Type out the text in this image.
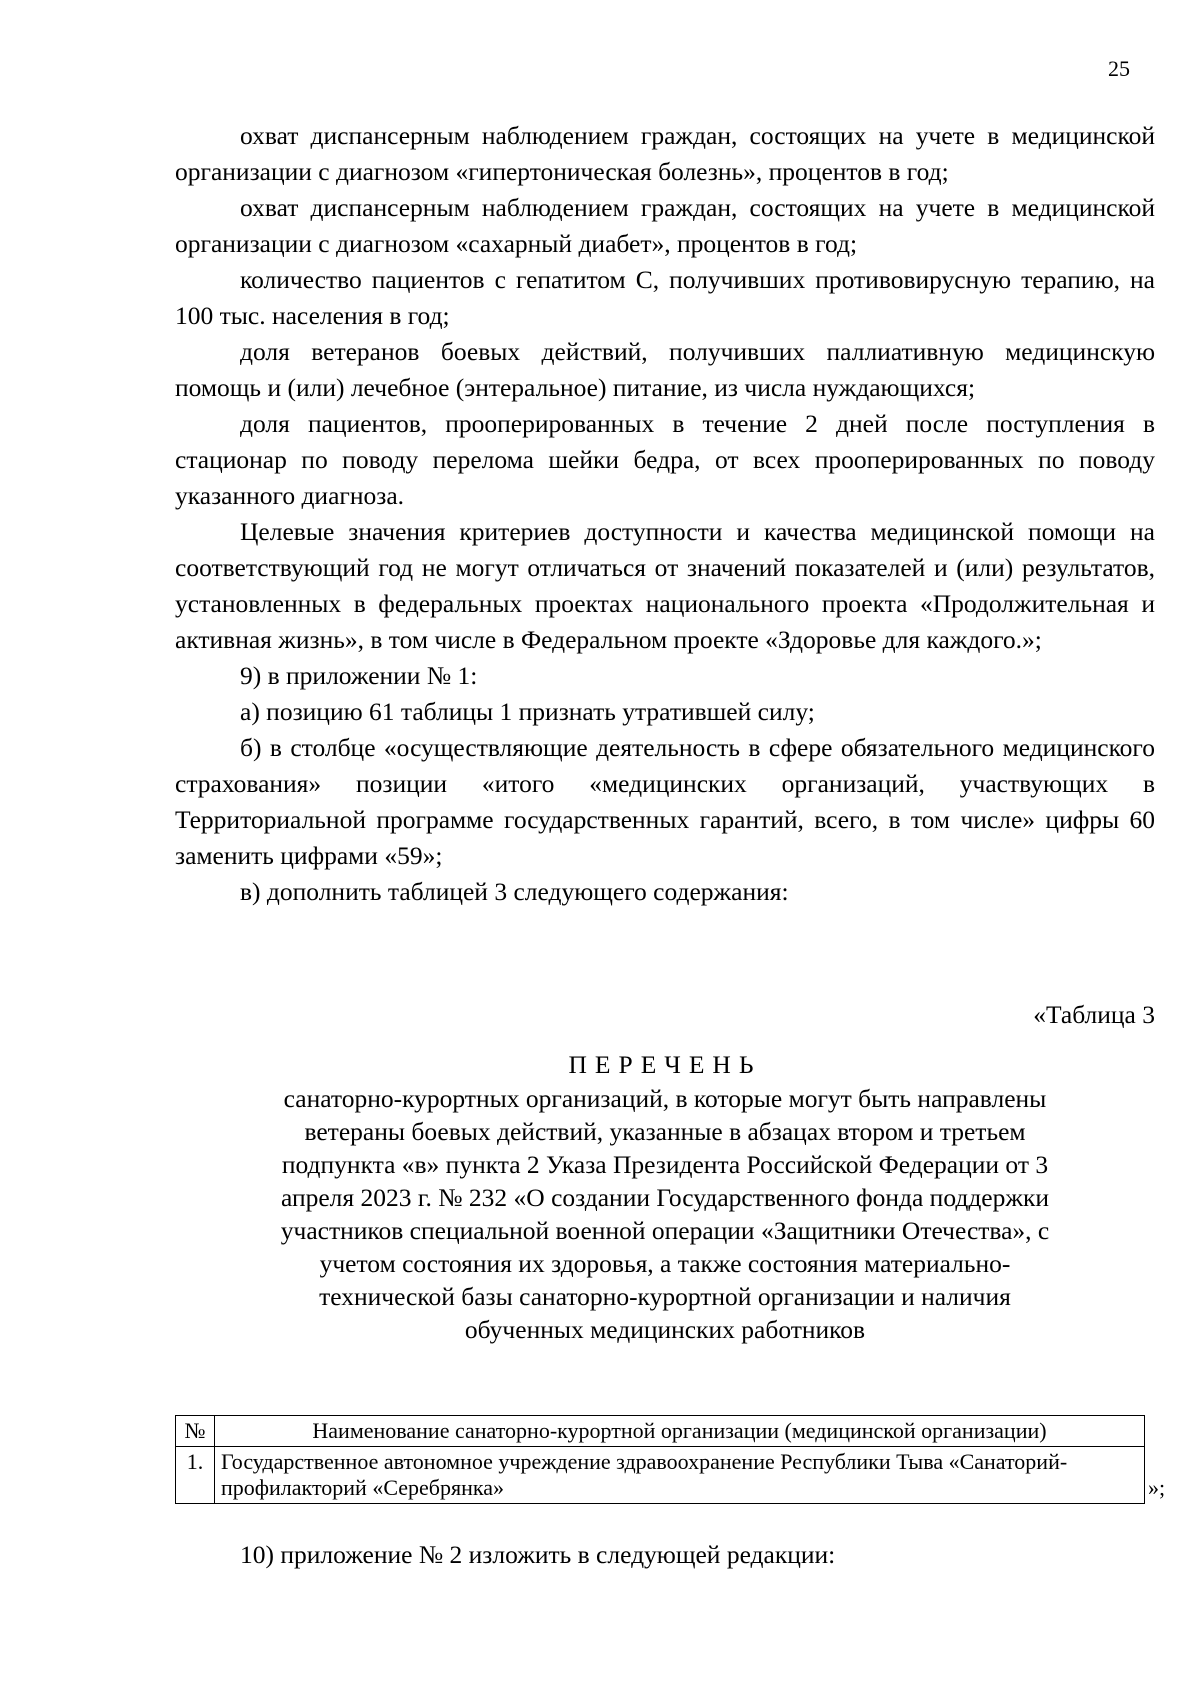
25

охват диспансерным наблюдением граждан, состоящих на учете в медицинской организации с диагнозом «гипертоническая болезнь», процентов в год;

охват диспансерным наблюдением граждан, состоящих на учете в медицинской организации с диагнозом «сахарный диабет», процентов в год;

количество пациентов с гепатитом С, получивших противовирусную терапию, на 100 тыс. населения в год;

доля ветеранов боевых действий, получивших паллиативную медицинскую помощь и (или) лечебное (энтеральное) питание, из числа нуждающихся;

доля пациентов, прооперированных в течение 2 дней после поступления в стационар по поводу перелома шейки бедра, от всех прооперированных по поводу указанного диагноза.

Целевые значения критериев доступности и качества медицинской помощи на соответствующий год не могут отличаться от значений показателей и (или) результатов, установленных в федеральных проектах национального проекта «Продолжительная и активная жизнь», в том числе в Федеральном проекте «Здоровье для каждого.»;

9) в приложении № 1:

а) позицию 61 таблицы 1 признать утратившей силу;

б) в столбце «осуществляющие деятельность в сфере обязательного медицинского страхования» позиции «итого «медицинских организаций, участвующих в Территориальной программе государственных гарантий, всего, в том числе» цифры 60 заменить цифрами «59»;

в) дополнить таблицей 3 следующего содержания:

«Таблица 3

ПЕРЕЧЕНЬ

санаторно-курортных организаций, в которые могут быть направлены ветераны боевых действий, указанные в абзацах втором и третьем подпункта «в» пункта 2 Указа Президента Российской Федерации от 3 апреля 2023 г. № 232 «О создании Государственного фонда поддержки участников специальной военной операции «Защитники Отечества», с учетом состояния их здоровья, а также состояния материально-технической базы санаторно-курортной организации и наличия обученных медицинских работников

№	Наименование санаторно-курортной организации (медицинской организации)
1.	Государственное автономное учреждение здравоохранение Республики Тыва «Санаторий-профилакторий «Серебрянка»	»;

10) приложение № 2 изложить в следующей редакции:
